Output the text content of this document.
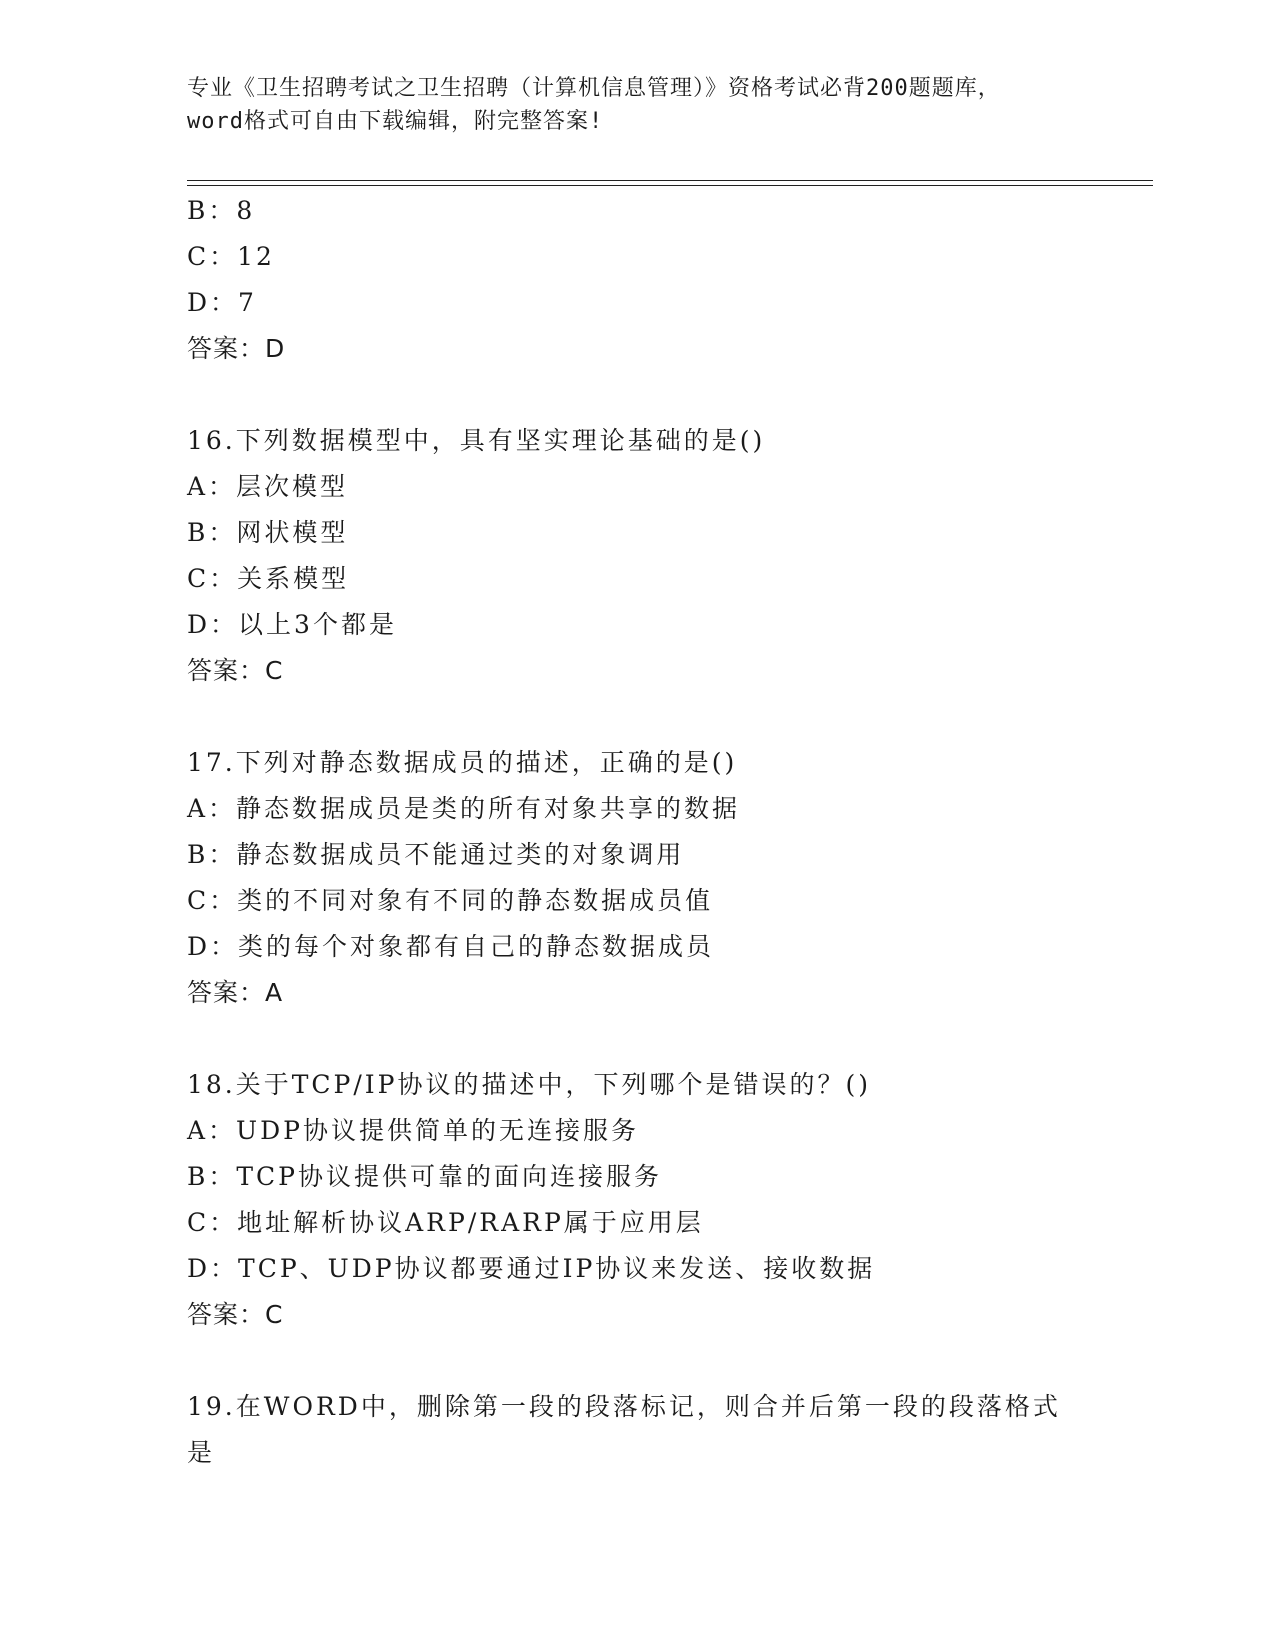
专业《卫生招聘考试之卫生招聘（计算机信息管理）》资格考试必背200题题库，
word格式可自由下载编辑，附完整答案!
B：8
C：12
D：7
答案：D
16.下列数据模型中，具有坚实理论基础的是()
A：层次模型
B：网状模型
C：关系模型
D：以上3个都是
答案：C
17.下列对静态数据成员的描述，正确的是()
A：静态数据成员是类的所有对象共享的数据
B：静态数据成员不能通过类的对象调用
C：类的不同对象有不同的静态数据成员值
D：类的每个对象都有自己的静态数据成员
答案：A
18.关于TCP/IP协议的描述中，下列哪个是错误的？()
A：UDP协议提供简单的无连接服务
B：TCP协议提供可靠的面向连接服务
C：地址解析协议ARP/RARP属于应用层
D：TCP、UDP协议都要通过IP协议来发送、接收数据
答案：C
19.在WORD中，删除第一段的段落标记，则合并后第一段的段落格式
是
